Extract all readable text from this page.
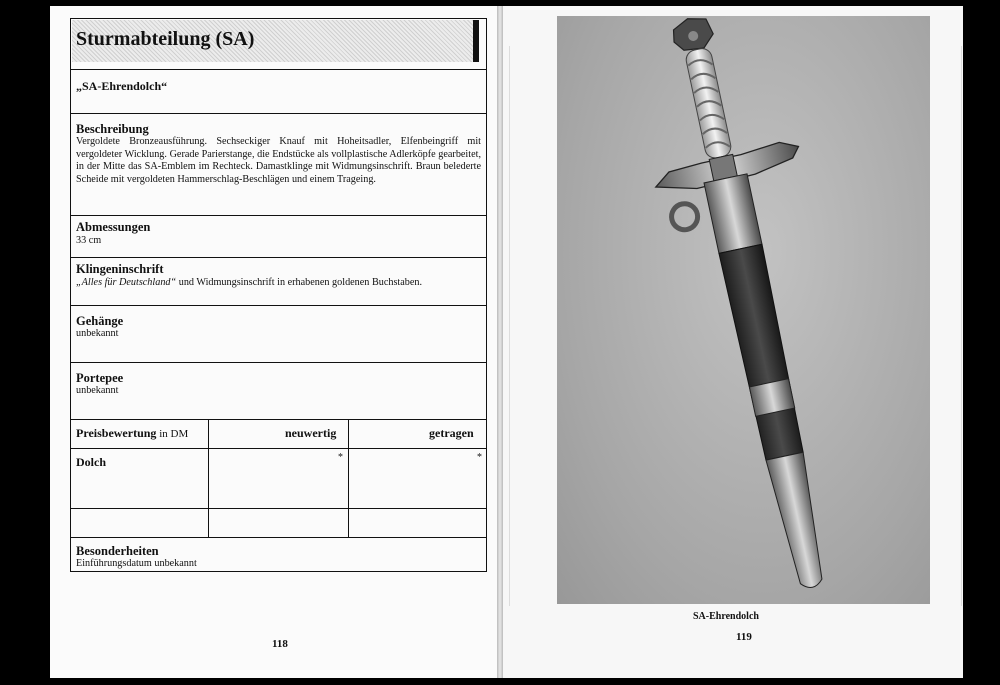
Sturmabteilung (SA)
„SA-Ehrendolch“
Beschreibung
Vergoldete Bronzeausführung. Sechseckiger Knauf mit Hoheitsadler, Elfenbeingriff mit vergoldeter Wicklung. Gerade Parierstange, die Endstücke als vollplastische Adlerköpfe gearbeitet, in der Mitte das SA-Emblem im Rechteck. Damastklinge mit Widmungsinschrift. Braun belederte Scheide mit vergoldeten Hammerschlag-Beschlägen und einem Trageing.
Abmessungen
33 cm
Klingeninschrift
„Alles für Deutschland“ und Widmungsinschrift in erhabenen goldenen Buchstaben.
Gehänge
unbekannt
Portepee
unbekannt
Preisbewertung in DM	neuwertig	getragen
Dolch	*	*
Besonderheiten
Einführungsdatum unbekannt
118
SA-Ehrendolch
119
